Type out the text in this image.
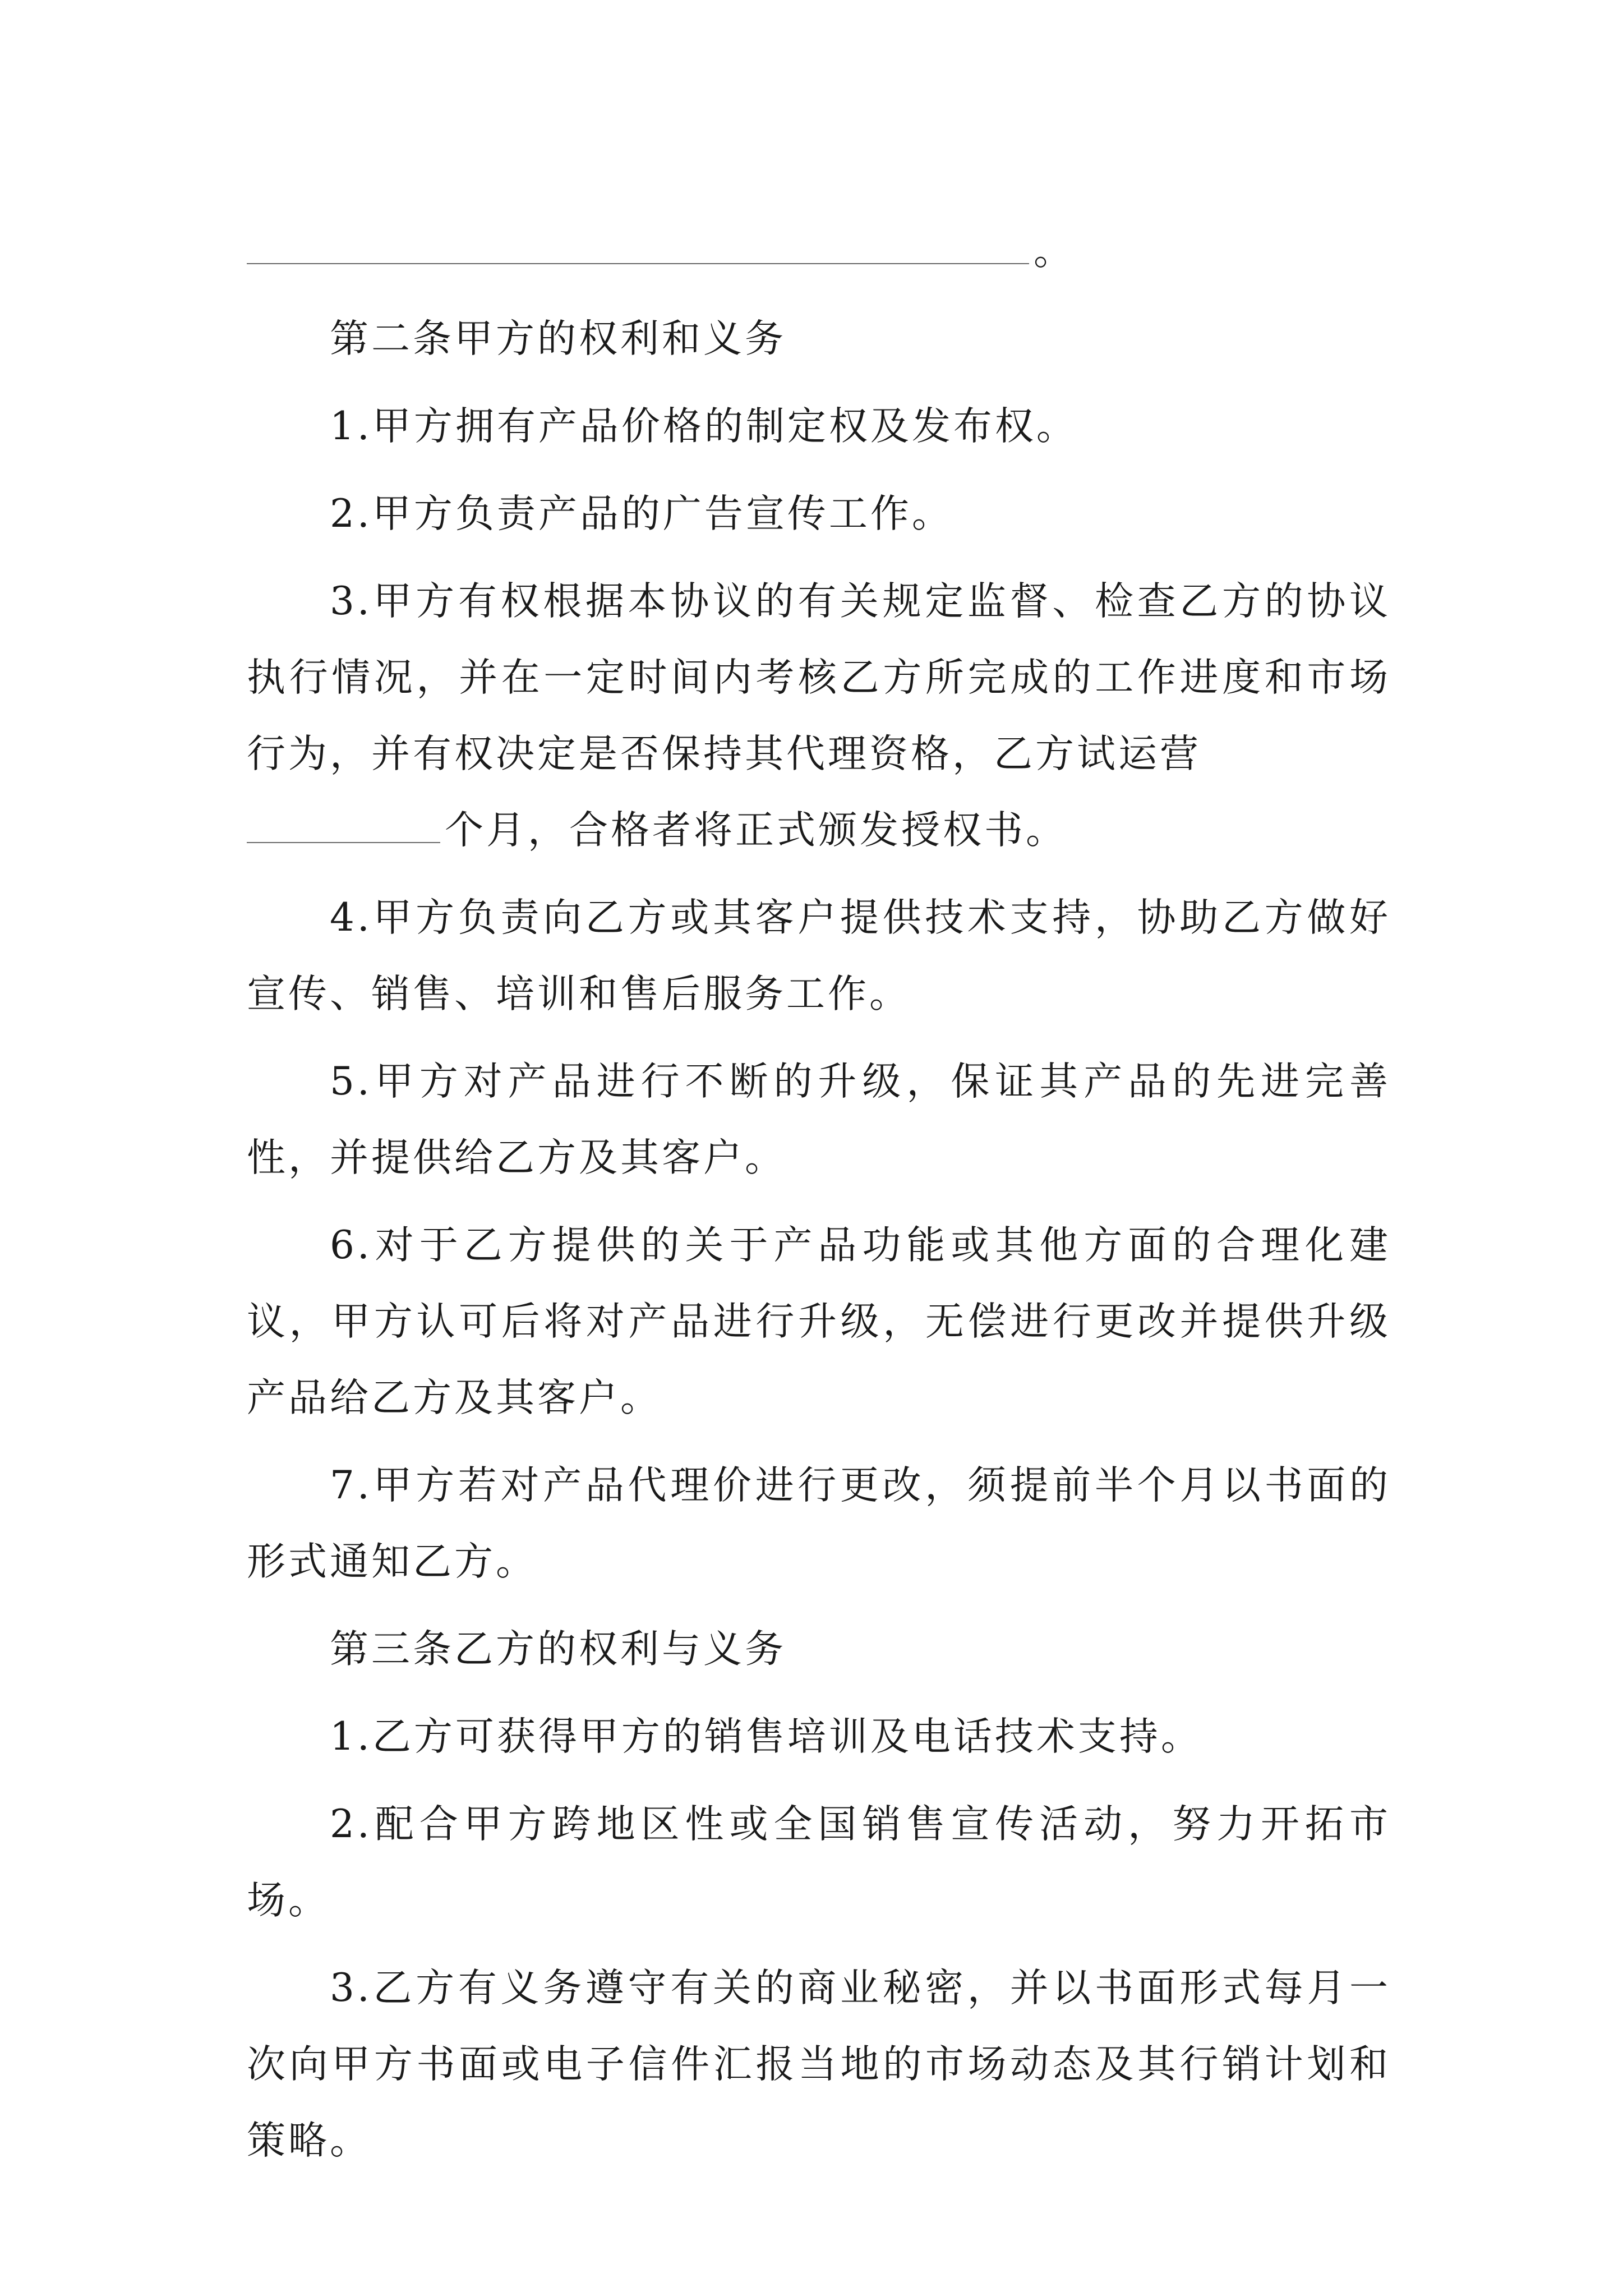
。

第二条甲方的权利和义务

1.甲方拥有产品价格的制定权及发布权。

2.甲方负责产品的广告宣传工作。

3.甲方有权根据本协议的有关规定监督、检查乙方的协议执行情况，并在一定时间内考核乙方所完成的工作进度和市场行为，并有权决定是否保持其代理资格，乙方试运营

个月，合格者将正式颁发授权书。

4.甲方负责向乙方或其客户提供技术支持，协助乙方做好宣传、销售、培训和售后服务工作。

5.甲方对产品进行不断的升级，保证其产品的先进完善性，并提供给乙方及其客户。

6.对于乙方提供的关于产品功能或其他方面的合理化建议，甲方认可后将对产品进行升级，无偿进行更改并提供升级产品给乙方及其客户。

7.甲方若对产品代理价进行更改，须提前半个月以书面的形式通知乙方。

第三条乙方的权利与义务

1.乙方可获得甲方的销售培训及电话技术支持。

2.配合甲方跨地区性或全国销售宣传活动，努力开拓市场。

3.乙方有义务遵守有关的商业秘密，并以书面形式每月一次向甲方书面或电子信件汇报当地的市场动态及其行销计划和策略。
